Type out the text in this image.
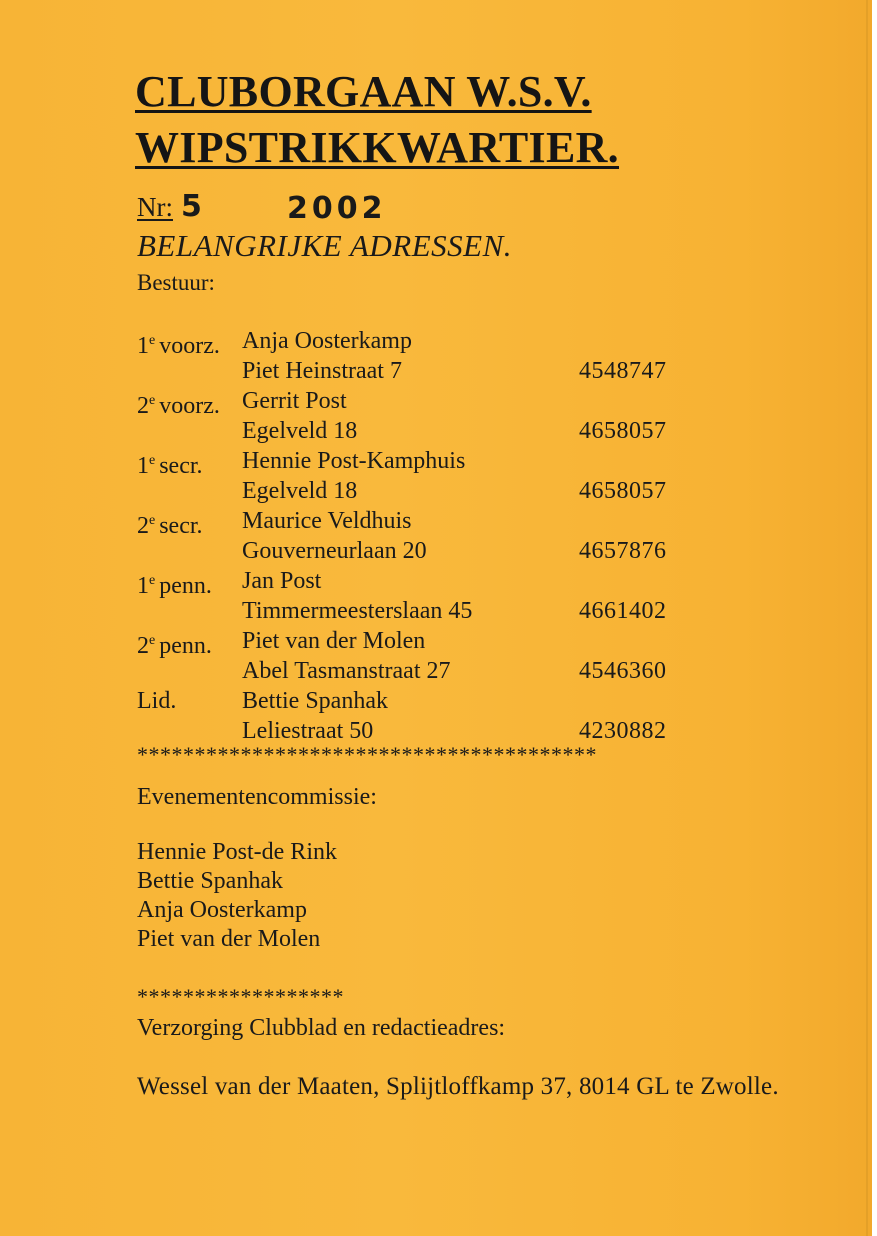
CLUBORGAAN W.S.V.
WIPSTRIKKWARTIER.
Nr: 5	2002
BELANGRIJKE ADRESSEN.
Bestuur:
1e voorz. Anja Oosterkamp
Piet Heinstraat 7	4548747
2e voorz. Gerrit Post
Egelveld 18	4658057
1e secr. Hennie Post-Kamphuis
Egelveld 18	4658057
2e secr. Maurice Veldhuis
Gouverneurlaan 20	4657876
1e penn. Jan Post
Timmermeesterslaan 45	4661402
2e penn. Piet van der Molen
Abel Tasmanstraat 27	4546360
Lid.	Bettie Spanhak
Leliestraat 50	4230882
****************************************
Evenementencommissie:
Hennie Post-de Rink
Bettie Spanhak
Anja Oosterkamp
Piet van der Molen
******************
Verzorging Clubblad en redactieadres:
Wessel van der Maaten, Splijtloffkamp 37, 8014 GL te Zwolle.
